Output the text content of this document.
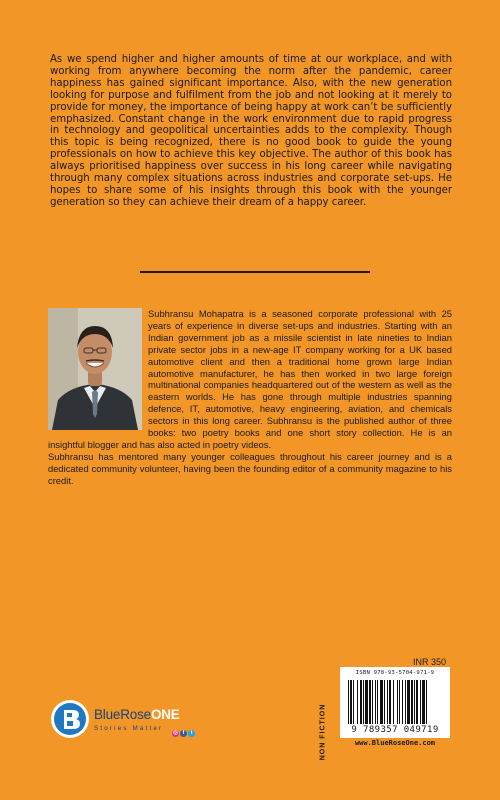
As we spend higher and higher amounts of time at our workplace, and with working from anywhere becoming the norm after the pandemic, career happiness has gained significant importance. Also, with the new generation looking for purpose and fulfilment from the job and not looking at it merely to provide for money, the importance of being happy at work can’t be sufficiently emphasized. Constant change in the work environment due to rapid progress in technology and geopolitical uncertainties adds to the complexity. Though this topic is being recognized, there is no good book to guide the young professionals on how to achieve this key objective. The author of this book has always prioritised happiness over success in his long career while navigating through many complex situations across industries and corporate set-ups. He hopes to share some of his insights through this book with the younger generation so they can achieve their dream of a happy career.

Subhransu Mohapatra is a seasoned corporate professional with 25 years of experience in diverse set-ups and industries. Starting with an Indian government job as a missile scientist in late nineties to Indian private sector jobs in a new-age IT company working for a UK based automotive client and then a traditional home grown large Indian automotive manufacturer, he has then worked in two large foreign multinational companies headquartered out of the western as well as the eastern worlds. He has gone through multiple industries spanning defence, IT, automotive, heavy engineering, aviation, and chemicals sectors in this long career. Subhransu is the published author of three books: two poetry books and one short story collection. He is an insightful blogger and has also acted in poetry videos.

Subhransu has mentored many younger colleagues throughout his career journey and is a dedicated community volunteer, having been the founding editor of a community magazine to his credit.

BlueRoseONE
Stories Matter
◎ f	t
INR 350
NON FICTION
ISBN 978-93-5704-971-9
9 789357 049719
www.BlueRoseOne.com
